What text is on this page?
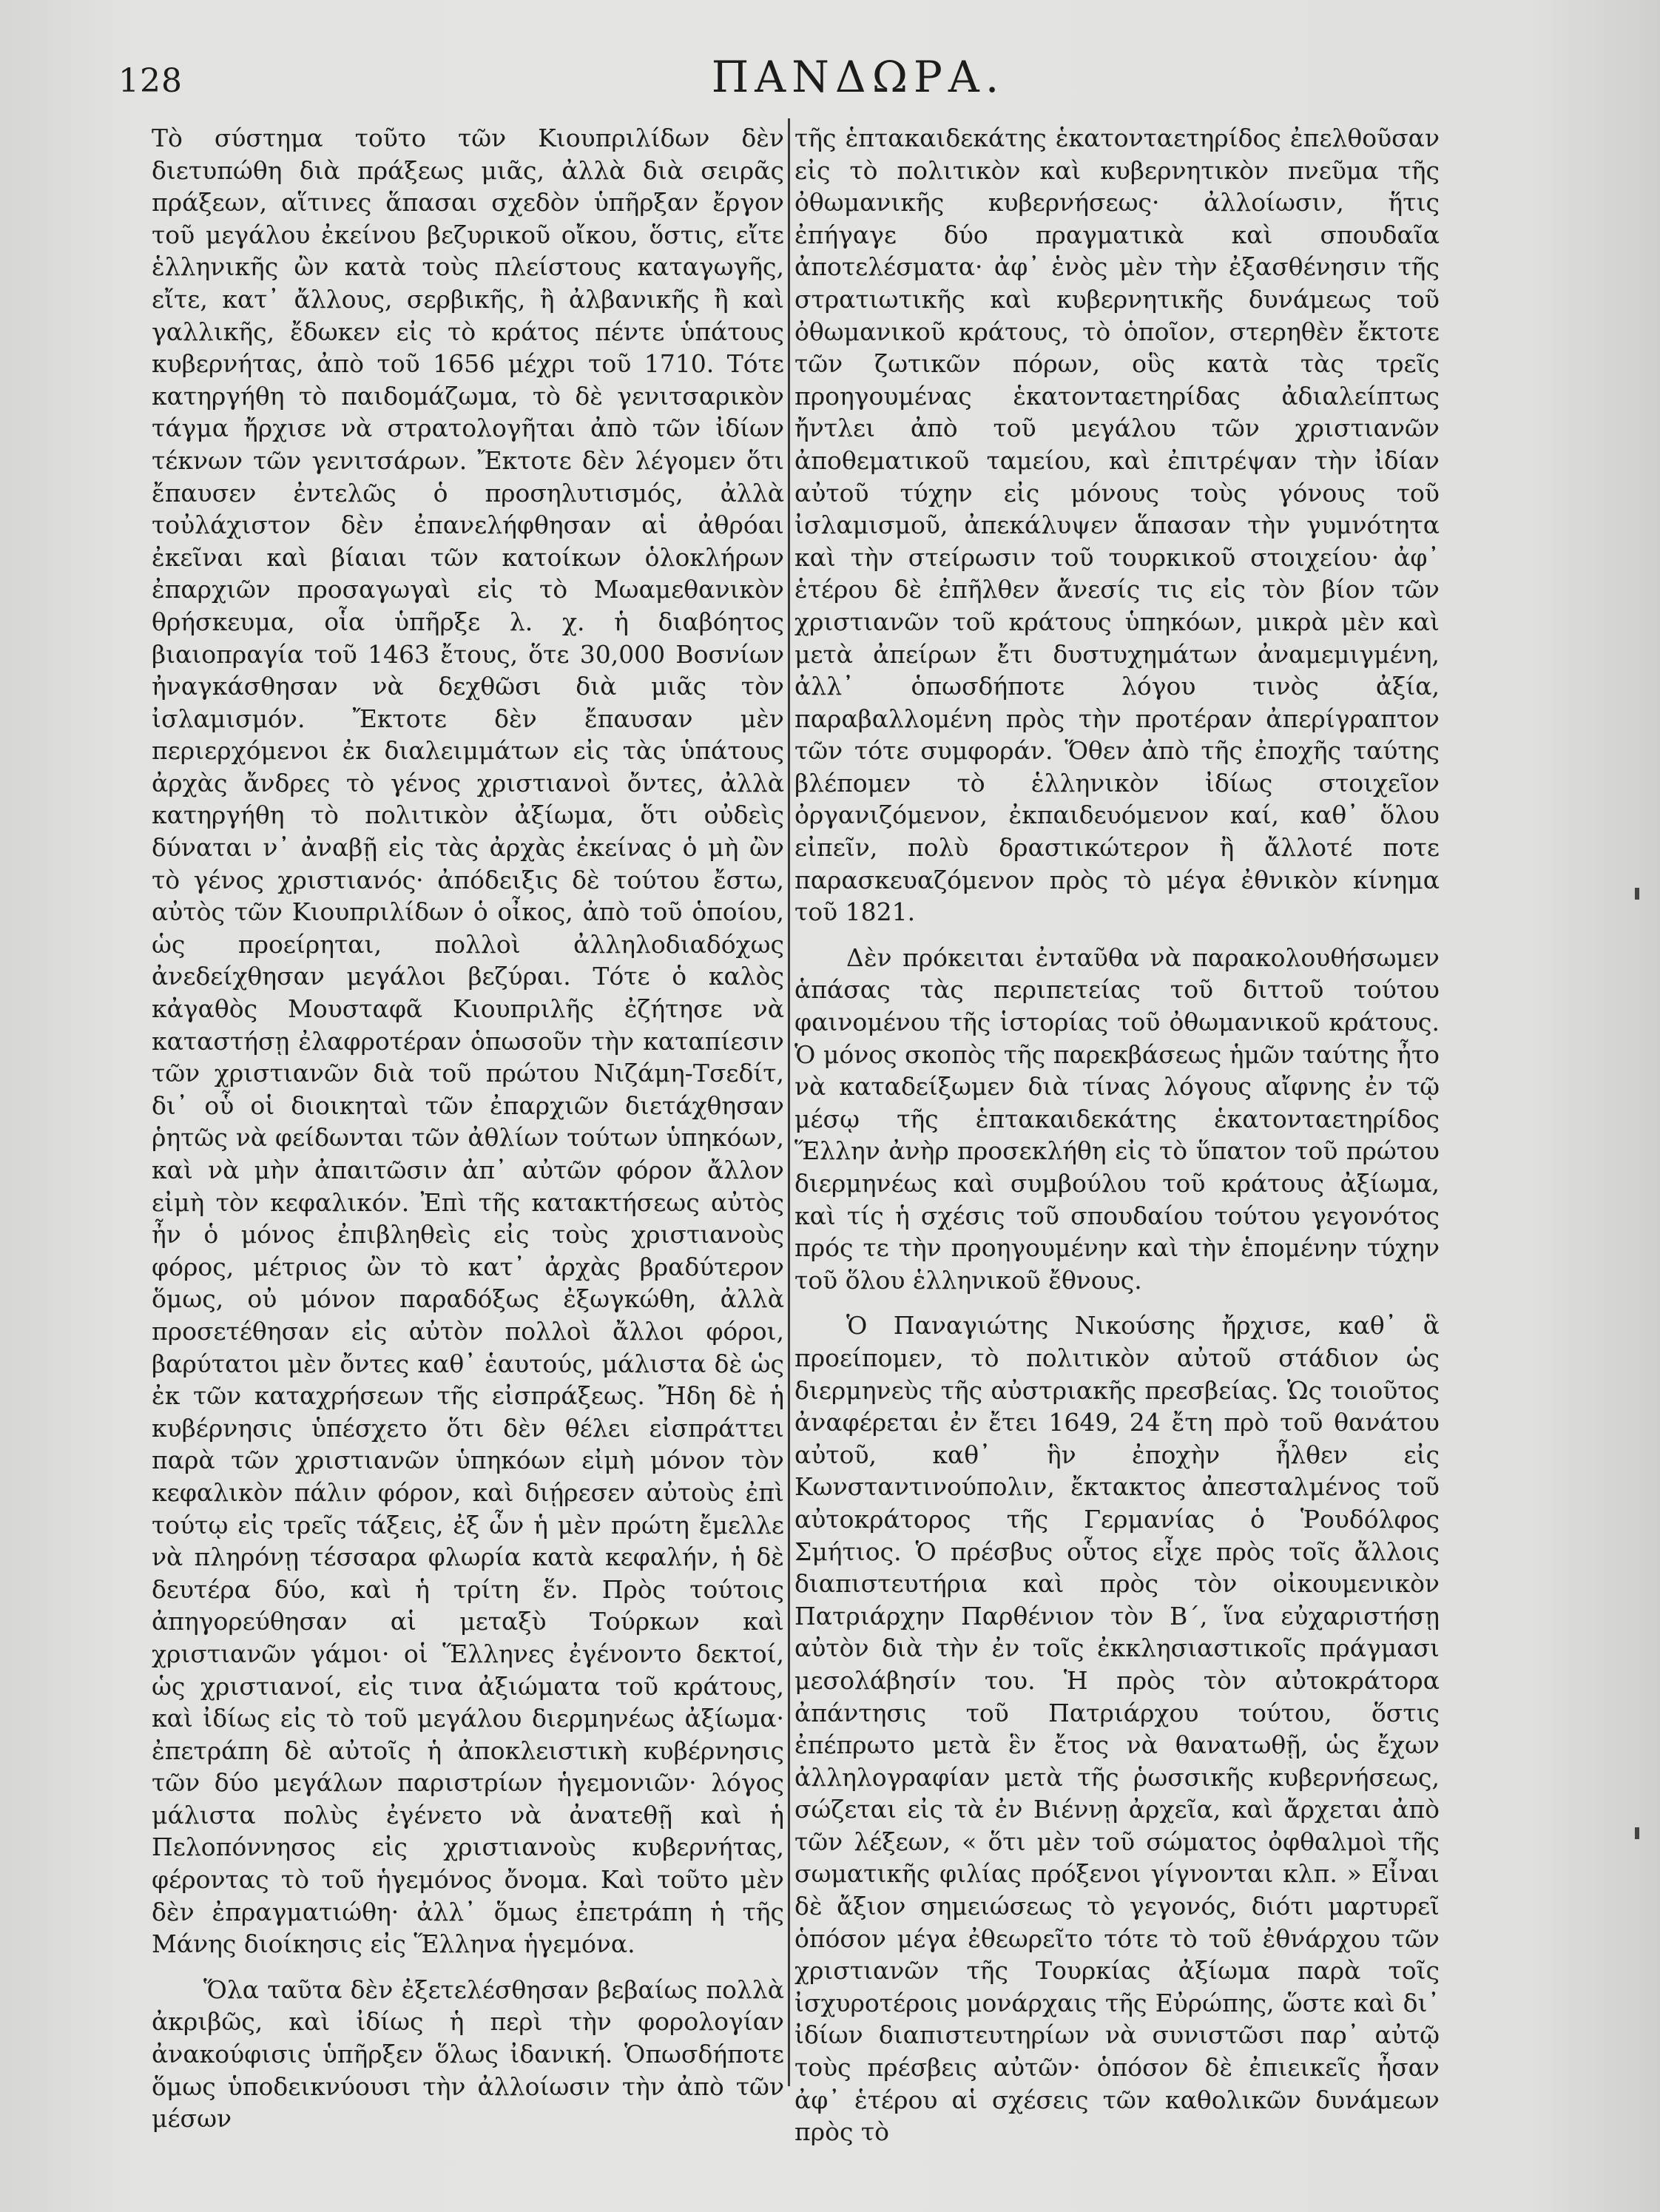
128	ΠΑΝΔΩΡΑ.

Τὸ σύστημα τοῦτο τῶν Κιουπριλίδων δὲν διετυπώθη διὰ πράξεως μιᾶς, ἀλλὰ διὰ σειρᾶς πράξεων, αἵτινες ἅπασαι σχεδὸν ὑπῆρξαν ἔργον τοῦ μεγάλου ἐκείνου βεζυρικοῦ οἴκου, ὅστις, εἴτε ἑλληνικῆς ὢν κατὰ τοὺς πλείστους καταγωγῆς, εἴτε, κατ᾿ ἄλλους, σερβικῆς, ἢ ἀλβανικῆς ἢ καὶ γαλλικῆς, ἔδωκεν εἰς τὸ κράτος πέντε ὑπάτους κυβερνήτας, ἀπὸ τοῦ 1656 μέχρι τοῦ 1710. Τότε κατηργήθη τὸ παιδομάζωμα, τὸ δὲ γενιτσαρικὸν τάγμα ἤρχισε νὰ στρατολογῆται ἀπὸ τῶν ἰδίων τέκνων τῶν γενιτσάρων. Ἔκτοτε δὲν λέγομεν ὅτι ἔπαυσεν ἐντελῶς ὁ προσηλυτισμός, ἀλλὰ τοὐλάχιστον δὲν ἐπανελήφθησαν αἱ ἀθρόαι ἐκεῖναι καὶ βίαιαι τῶν κατοίκων ὁλοκλήρων ἐπαρχιῶν προσαγωγαὶ εἰς τὸ Μωαμεθανικὸν θρήσκευμα, οἷα ὑπῆρξε λ. χ. ἡ διαβόητος βιαιοπραγία τοῦ 1463 ἔτους, ὅτε 30,000 Βοσνίων ἠναγκάσθησαν νὰ δεχθῶσι διὰ μιᾶς τὸν ἰσλαμισμόν. Ἔκτοτε δὲν ἔπαυσαν μὲν περιερχόμενοι ἐκ διαλειμμάτων εἰς τὰς ὑπάτους ἀρχὰς ἄνδρες τὸ γένος χριστιανοὶ ὄντες, ἀλλὰ κατηργήθη τὸ πολιτικὸν ἀξίωμα, ὅτι οὐδεὶς δύναται ν᾿ ἀναβῇ εἰς τὰς ἀρχὰς ἐκείνας ὁ μὴ ὢν τὸ γένος χριστιανός· ἀπόδειξις δὲ τούτου ἔστω, αὐτὸς τῶν Κιουπριλίδων ὁ οἶκος, ἀπὸ τοῦ ὁποίου, ὡς προείρηται, πολλοὶ ἀλληλοδιαδόχως ἀνεδείχθησαν μεγάλοι βεζύραι. Τότε ὁ καλὸς κἀγαθὸς Μουσταφᾶ Κιουπριλῆς ἐζήτησε νὰ καταστήσῃ ἐλαφροτέραν ὁπωσοῦν τὴν καταπίεσιν τῶν χριστιανῶν διὰ τοῦ πρώτου Νιζάμη-Τσεδίτ, δι᾿ οὗ οἱ διοικηταὶ τῶν ἐπαρχιῶν διετάχθησαν ῥητῶς νὰ φείδωνται τῶν ἀθλίων τούτων ὑπηκόων, καὶ νὰ μὴν ἀπαιτῶσιν ἀπ᾿ αὐτῶν φόρον ἄλλον εἰμὴ τὸν κεφαλικόν. Ἐπὶ τῆς κατακτήσεως αὐτὸς ἦν ὁ μόνος ἐπιβληθεὶς εἰς τοὺς χριστιανοὺς φόρος, μέτριος ὢν τὸ κατ᾿ ἀρχὰς βραδύτερον ὅμως, οὐ μόνον παραδόξως ἐξωγκώθη, ἀλλὰ προσετέθησαν εἰς αὐτὸν πολλοὶ ἄλλοι φόροι, βαρύτατοι μὲν ὄντες καθ᾿ ἑαυτούς, μάλιστα δὲ ὡς ἐκ τῶν καταχρήσεων τῆς εἰσπράξεως. Ἤδη δὲ ἡ κυβέρνησις ὑπέσχετο ὅτι δὲν θέλει εἰσπράττει παρὰ τῶν χριστιανῶν ὑπηκόων εἰμὴ μόνον τὸν κεφαλικὸν πάλιν φόρον, καὶ διῄρεσεν αὐτοὺς ἐπὶ τούτῳ εἰς τρεῖς τάξεις, ἐξ ὧν ἡ μὲν πρώτη ἔμελλε νὰ πληρόνῃ τέσσαρα φλωρία κατὰ κεφαλήν, ἡ δὲ δευτέρα δύο, καὶ ἡ τρίτη ἕν. Πρὸς τούτοις ἀπηγορεύθησαν αἱ μεταξὺ Τούρκων καὶ χριστιανῶν γάμοι· οἱ Ἕλληνες ἐγένοντο δεκτοί, ὡς χριστιανοί, εἰς τινα ἀξιώματα τοῦ κράτους, καὶ ἰδίως εἰς τὸ τοῦ μεγάλου διερμηνέως ἀξίωμα· ἐπετράπη δὲ αὐτοῖς ἡ ἀποκλειστικὴ κυβέρνησις τῶν δύο μεγάλων παριστρίων ἡγεμονιῶν· λόγος μάλιστα πολὺς ἐγένετο νὰ ἀνατεθῇ καὶ ἡ Πελοπόννησος εἰς χριστιανοὺς κυβερνήτας, φέροντας τὸ τοῦ ἡγεμόνος ὄνομα. Καὶ τοῦτο μὲν δὲν ἐπραγματιώθη· ἀλλ᾿ ὅμως ἐπετράπη ἡ τῆς Μάνης διοίκησις εἰς Ἕλληνα ἡγεμόνα.

Ὅλα ταῦτα δὲν ἐξετελέσθησαν βεβαίως πολλὰ ἀκριβῶς, καὶ ἰδίως ἡ περὶ τὴν φορολογίαν ἀνακούφισις ὑπῆρξεν ὅλως ἰδανική. Ὁπωσδήποτε ὅμως ὑποδεικνύουσι τὴν ἀλλοίωσιν τὴν ἀπὸ τῶν μέσων

τῆς ἑπτακαιδεκάτης ἑκατονταετηρίδος ἐπελθοῦσαν εἰς τὸ πολιτικὸν καὶ κυβερνητικὸν πνεῦμα τῆς ὀθωμανικῆς κυβερνήσεως· ἀλλοίωσιν, ἥτις ἐπήγαγε δύο πραγματικὰ καὶ σπουδαῖα ἀποτελέσματα· ἀφ᾿ ἑνὸς μὲν τὴν ἐξασθένησιν τῆς στρατιωτικῆς καὶ κυβερνητικῆς δυνάμεως τοῦ ὀθωμανικοῦ κράτους, τὸ ὁποῖον, στερηθὲν ἔκτοτε τῶν ζωτικῶν πόρων, οὓς κατὰ τὰς τρεῖς προηγουμένας ἑκατονταετηρίδας ἀδιαλείπτως ἤντλει ἀπὸ τοῦ μεγάλου τῶν χριστιανῶν ἀποθεματικοῦ ταμείου, καὶ ἐπιτρέψαν τὴν ἰδίαν αὐτοῦ τύχην εἰς μόνους τοὺς γόνους τοῦ ἰσλαμισμοῦ, ἀπεκάλυψεν ἅπασαν τὴν γυμνότητα καὶ τὴν στείρωσιν τοῦ τουρκικοῦ στοιχείου· ἀφ᾿ ἑτέρου δὲ ἐπῆλθεν ἄνεσίς τις εἰς τὸν βίον τῶν χριστιανῶν τοῦ κράτους ὑπηκόων, μικρὰ μὲν καὶ μετὰ ἀπείρων ἔτι δυστυχημάτων ἀναμεμιγμένη, ἀλλ᾿ ὁπωσδήποτε λόγου τινὸς ἀξία, παραβαλλομένη πρὸς τὴν προτέραν ἀπερίγραπτον τῶν τότε συμφοράν. Ὅθεν ἀπὸ τῆς ἐποχῆς ταύτης βλέπομεν τὸ ἑλληνικὸν ἰδίως στοιχεῖον ὀργανιζόμενον, ἐκπαιδευόμενον καί, καθ᾿ ὅλου εἰπεῖν, πολὺ δραστικώτερον ἢ ἄλλοτέ ποτε παρασκευαζόμενον πρὸς τὸ μέγα ἐθνικὸν κίνημα τοῦ 1821.

Δὲν πρόκειται ἐνταῦθα νὰ παρακολουθήσωμεν ἁπάσας τὰς περιπετείας τοῦ διττοῦ τούτου φαινομένου τῆς ἱστορίας τοῦ ὀθωμανικοῦ κράτους. Ὁ μόνος σκοπὸς τῆς παρεκβάσεως ἡμῶν ταύτης ἦτο νὰ καταδείξωμεν διὰ τίνας λόγους αἴφνης ἐν τῷ μέσῳ τῆς ἑπτακαιδεκάτης ἑκατονταετηρίδος Ἕλλην ἀνὴρ προσεκλήθη εἰς τὸ ὕπατον τοῦ πρώτου διερμηνέως καὶ συμβούλου τοῦ κράτους ἀξίωμα, καὶ τίς ἡ σχέσις τοῦ σπουδαίου τούτου γεγονότος πρός τε τὴν προηγουμένην καὶ τὴν ἑπομένην τύχην τοῦ ὅλου ἑλληνικοῦ ἔθνους.

Ὁ Παναγιώτης Νικούσης ἤρχισε, καθ᾿ ἃ προείπομεν, τὸ πολιτικὸν αὐτοῦ στάδιον ὡς διερμηνεὺς τῆς αὐστριακῆς πρεσβείας. Ὡς τοιοῦτος ἀναφέρεται ἐν ἔτει 1649, 24 ἔτη πρὸ τοῦ θανάτου αὐτοῦ, καθ᾿ ἣν ἐποχὴν ἦλθεν εἰς Κωνσταντινούπολιν, ἔκτακτος ἀπεσταλμένος τοῦ αὐτοκράτορος τῆς Γερμανίας ὁ Ῥουδόλφος Σμήτιος. Ὁ πρέσβυς οὗτος εἶχε πρὸς τοῖς ἄλλοις διαπιστευτήρια καὶ πρὸς τὸν οἰκουμενικὸν Πατριάρχην Παρθένιον τὸν Β´, ἵνα εὐχαριστήσῃ αὐτὸν διὰ τὴν ἐν τοῖς ἐκκλησιαστικοῖς πράγμασι μεσολάβησίν του. Ἡ πρὸς τὸν αὐτοκράτορα ἀπάντησις τοῦ Πατριάρχου τούτου, ὅστις ἐπέπρωτο μετὰ ἓν ἔτος νὰ θανατωθῇ, ὡς ἔχων ἀλληλογραφίαν μετὰ τῆς ῥωσσικῆς κυβερνήσεως, σώζεται εἰς τὰ ἐν Βιέννῃ ἀρχεῖα, καὶ ἄρχεται ἀπὸ τῶν λέξεων, « ὅτι μὲν τοῦ σώματος ὀφθαλμοὶ τῆς σωματικῆς φιλίας πρόξενοι γίγνονται κλπ. » Εἶναι δὲ ἄξιον σημειώσεως τὸ γεγονός, διότι μαρτυρεῖ ὁπόσον μέγα ἐθεωρεῖτο τότε τὸ τοῦ ἐθνάρχου τῶν χριστιανῶν τῆς Τουρκίας ἀξίωμα παρὰ τοῖς ἰσχυροτέροις μονάρχαις τῆς Εὐρώπης, ὥστε καὶ δι᾿ ἰδίων διαπιστευτηρίων νὰ συνιστῶσι παρ᾿ αὐτῷ τοὺς πρέσβεις αὐτῶν· ὁπόσον δὲ ἐπιεικεῖς ἦσαν ἀφ᾿ ἑτέρου αἱ σχέσεις τῶν καθολικῶν δυνάμεων πρὸς τὸ
